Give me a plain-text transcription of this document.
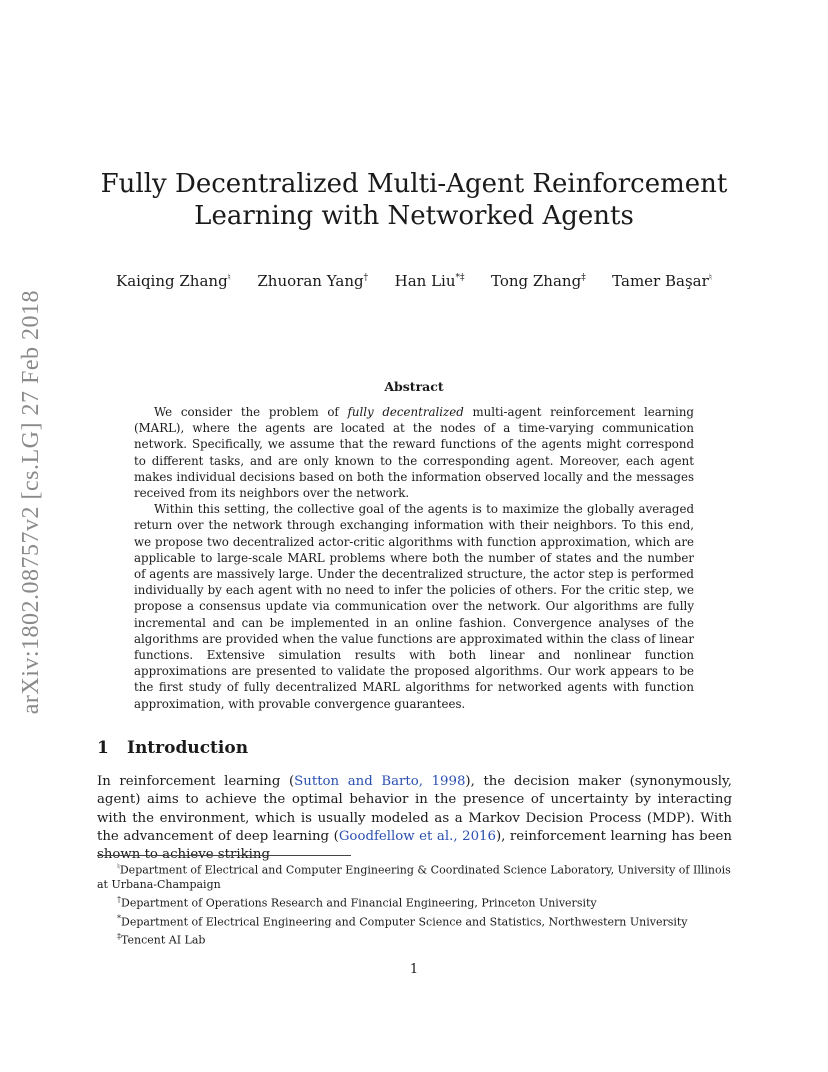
arXiv:1802.08757v2 [cs.LG] 27 Feb 2018
Fully Decentralized Multi-Agent Reinforcement
Learning with Networked Agents
Kaiqing Zhang♮ Zhuoran Yang† Han Liu*‡ Tong Zhang‡ Tamer Başar♮
Abstract

We consider the problem of fully decentralized multi-agent reinforcement learning (MARL), where the agents are located at the nodes of a time-varying communication network. Specifically, we assume that the reward functions of the agents might correspond to different tasks, and are only known to the corresponding agent. Moreover, each agent makes individual decisions based on both the information observed locally and the messages received from its neighbors over the network.

Within this setting, the collective goal of the agents is to maximize the globally averaged return over the network through exchanging information with their neighbors. To this end, we propose two decentralized actor-critic algorithms with function approximation, which are applicable to large-scale MARL problems where both the number of states and the number of agents are massively large. Under the decentralized structure, the actor step is performed individually by each agent with no need to infer the policies of others. For the critic step, we propose a consensus update via communication over the network. Our algorithms are fully incremental and can be implemented in an online fashion. Convergence analyses of the algorithms are provided when the value functions are approximated within the class of linear functions. Extensive simulation results with both linear and nonlinear function approximations are presented to validate the proposed algorithms. Our work appears to be the first study of fully decentralized MARL algorithms for networked agents with function approximation, with provable convergence guarantees.

1 Introduction

In reinforcement learning (Sutton and Barto, 1998), the decision maker (synonymously, agent) aims to achieve the optimal behavior in the presence of uncertainty by interacting with the environment, which is usually modeled as a Markov Decision Process (MDP). With the advancement of deep learning (Goodfellow et al., 2016), reinforcement learning has been shown to achieve striking

♮Department of Electrical and Computer Engineering & Coordinated Science Laboratory, University of Illinois at Urbana-Champaign
†Department of Operations Research and Financial Engineering, Princeton University
*Department of Electrical Engineering and Computer Science and Statistics, Northwestern University
‡Tencent AI Lab
1
